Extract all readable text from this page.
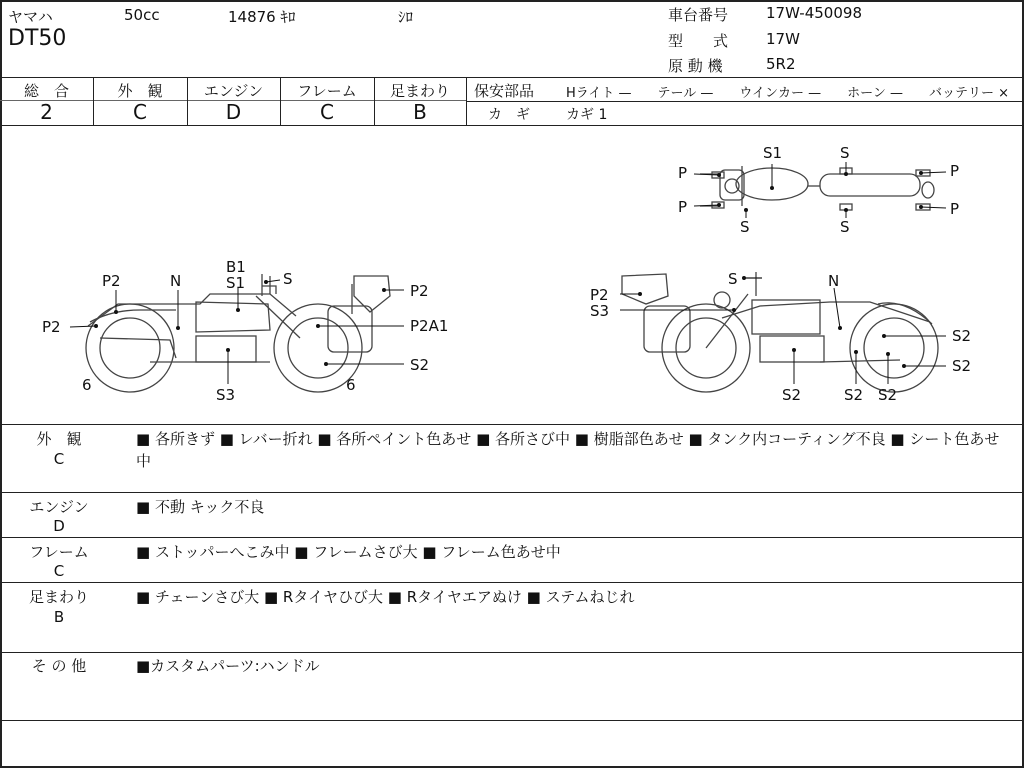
ヤマハ	50cc	14876 ｷﾛ	ｼﾛ
DT50
車台番号	17W-450098
型　　式	17W
原 動 機	5R2
総　合	外　観	エンジン	フレーム	足まわり
2	C	D	C	B
保安部品 Hライト —　　テール —　　ウインカー —　　ホーン —　　バッテリー ×
カ　ギ	カギ 1
P
P
S1	S
S	S
P
P
B1
S1	S
P2	N
P2
P2
P2A1
S2
6
S3
6
S
P2
S3
N
S2
S2
S2	S2 S2
外　観
C
■ 各所きず ■ レバー折れ ■ 各所ペイント色あせ ■ 各所さび中 ■ 樹脂部色あせ ■ タンク内コーティング不良 ■ シート色あせ中
エンジン
D
■ 不動 キック不良
フレーム
C
■ ストッパーへこみ中 ■ フレームさび大 ■ フレーム色あせ中
足まわり
B
■ チェーンさび大 ■ Rタイヤひび大 ■ Rタイヤエアぬけ ■ ステムねじれ
そ の 他	■カスタムパーツ:ハンドル
